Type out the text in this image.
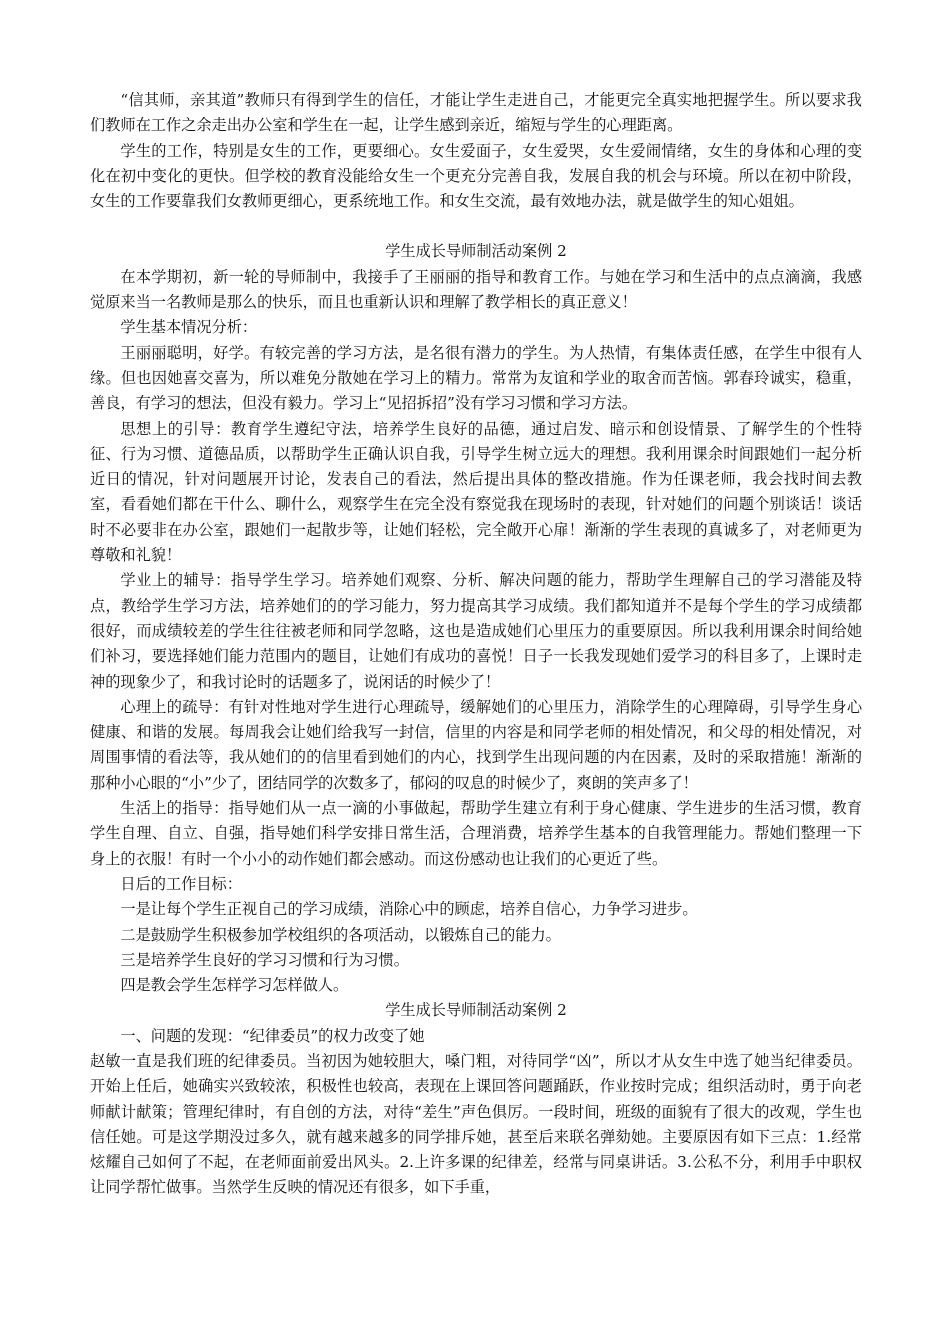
“信其师，亲其道”教师只有得到学生的信任，才能让学生走进自己，才能更完全真实地把握学生。所以要求我们教师在工作之余走出办公室和学生在一起，让学生感到亲近，缩短与学生的心理距离。

学生的工作，特别是女生的工作，更要细心。女生爱面子，女生爱哭，女生爱闹情绪，女生的身体和心理的变化在初中变化的更快。但学校的教育没能给女生一个更充分完善自我，发展自我的机会与环境。所以在初中阶段，女生的工作要靠我们女教师更细心，更系统地工作。和女生交流，最有效地办法，就是做学生的知心姐姐。

学生成长导师制活动案例 2

在本学期初，新一轮的导师制中，我接手了王丽丽的指导和教育工作。与她在学习和生活中的点点滴滴，我感觉原来当一名教师是那么的快乐，而且也重新认识和理解了教学相长的真正意义！

学生基本情况分析：

王丽丽聪明，好学。有较完善的学习方法，是名很有潜力的学生。为人热情，有集体责任感，在学生中很有人缘。但也因她喜交喜为，所以难免分散她在学习上的精力。常常为友谊和学业的取舍而苦恼。郭春玲诚实，稳重，善良，有学习的想法，但没有毅力。学习上“见招拆招”没有学习习惯和学习方法。

思想上的引导：教育学生遵纪守法，培养学生良好的品德，通过启发、暗示和创设情景、了解学生的个性特征、行为习惯、道德品质，以帮助学生正确认识自我，引导学生树立远大的理想。我利用课余时间跟她们一起分析近日的情况，针对问题展开讨论，发表自己的看法，然后提出具体的整改措施。作为任课老师，我会找时间去教室，看看她们都在干什么、聊什么，观察学生在完全没有察觉我在现场时的表现，针对她们的问题个别谈话！谈话时不必要非在办公室，跟她们一起散步等，让她们轻松，完全敞开心扉！渐渐的学生表现的真诚多了，对老师更为尊敬和礼貌！

学业上的辅导：指导学生学习。培养她们观察、分析、解决问题的能力，帮助学生理解自己的学习潜能及特点，教给学生学习方法，培养她们的的学习能力，努力提高其学习成绩。我们都知道并不是每个学生的学习成绩都很好，而成绩较差的学生往往被老师和同学忽略，这也是造成她们心里压力的重要原因。所以我利用课余时间给她们补习，要选择她们能力范围内的题目，让她们有成功的喜悦！日子一长我发现她们爱学习的科目多了，上课时走神的现象少了，和我讨论时的话题多了，说闲话的时候少了！

心理上的疏导：有针对性地对学生进行心理疏导，缓解她们的心里压力，消除学生的心理障碍，引导学生身心健康、和谐的发展。每周我会让她们给我写一封信，信里的内容是和同学老师的相处情况，和父母的相处情况，对周围事情的看法等，我从她们的的信里看到她们的内心，找到学生出现问题的内在因素，及时的采取措施！渐渐的那种小心眼的“小”少了，团结同学的次数多了，郁闷的叹息的时候少了，爽朗的笑声多了！

生活上的指导：指导她们从一点一滴的小事做起，帮助学生建立有利于身心健康、学生进步的生活习惯，教育学生自理、自立、自强，指导她们科学安排日常生活，合理消费，培养学生基本的自我管理能力。帮她们整理一下身上的衣服！有时一个小小的动作她们都会感动。而这份感动也让我们的心更近了些。

日后的工作目标：

一是让每个学生正视自己的学习成绩，消除心中的顾虑，培养自信心，力争学习进步。

二是鼓励学生积极参加学校组织的各项活动，以锻炼自己的能力。

三是培养学生良好的学习习惯和行为习惯。

四是教会学生怎样学习怎样做人。

学生成长导师制活动案例 2

一、问题的发现：“纪律委员”的权力改变了她

赵敏一直是我们班的纪律委员。当初因为她较胆大，嗓门粗，对待同学“凶”，所以才从女生中选了她当纪律委员。开始上任后，她确实兴致较浓，积极性也较高，表现在上课回答问题踊跃，作业按时完成；组织活动时，勇于向老师献计献策；管理纪律时，有自创的方法，对待“差生”声色俱厉。一段时间，班级的面貌有了很大的改观，学生也信任她。可是这学期没过多久，就有越来越多的同学排斥她，甚至后来联名弹劾她。主要原因有如下三点：1.经常炫耀自己如何了不起，在老师面前爱出风头。2.上许多课的纪律差，经常与同桌讲话。3.公私不分，利用手中职权让同学帮忙做事。当然学生反映的情况还有很多，如下手重，
